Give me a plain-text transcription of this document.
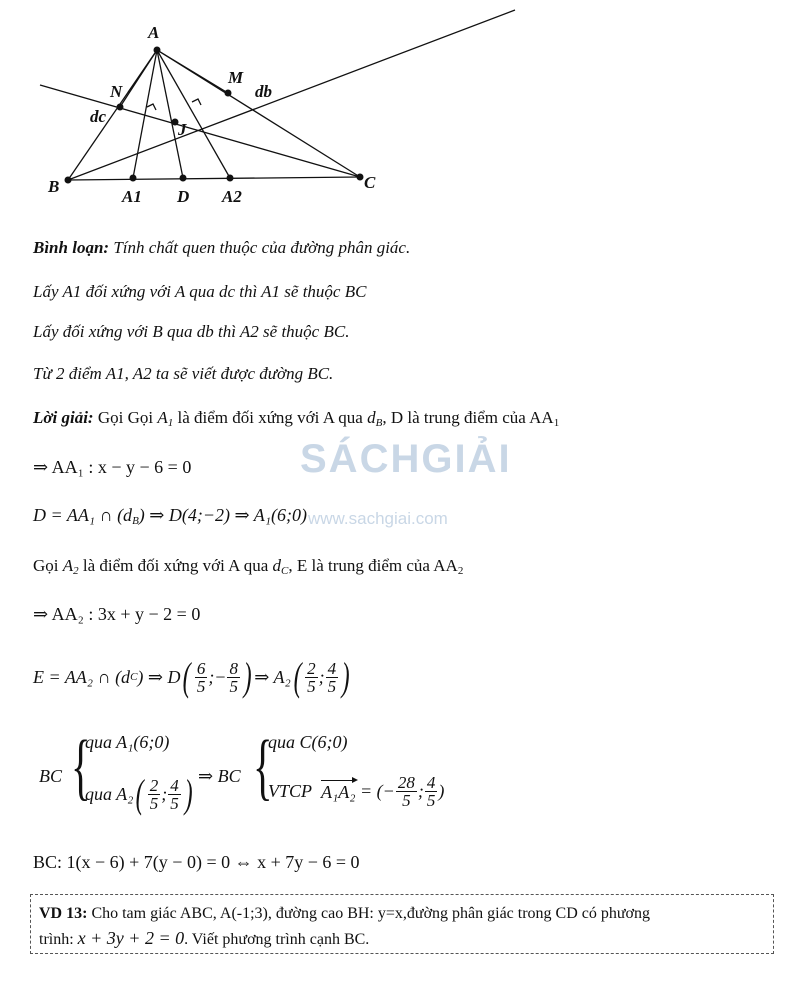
A
N
M
db
dc
J
B
A1 D A2
C
Bình loạn: Tính chất quen thuộc của đường phân giác.
Lấy A1 đối xứng với A qua dc thì A1 sẽ thuộc BC
Lấy đối xứng với B qua db thì A2 sẽ thuộc BC.
Từ 2 điểm A1, A2 ta sẽ viết được đường BC.
Lời giải: Gọi Gọi $A_1$ là điểm đối xứng với A qua $d_B$, D là trung điểm của $AA_1$
⇒ AA₁ : x − y − 6 = 0
D = AA₁ ∩ $(d_B)$ ⇒ D(4;−2) ⇒ A₁(6;0)
Gọi $A_2$ là điểm đối xứng với A qua $d_C$, E là trung điểm của $AA_2$
⇒ AA₂ : 3x + y − 2 = 0
E = AA₂ ∩ (d C ) ⇒ D ( $\frac{6}{5}$ ;− $\frac{8}{5}$ ) ⇒ A₂ ( $\frac{2}{5}$ ; $\frac{4}{5}$ )
BC {
qua A₁(6;0)
qua A₂ ( $\frac{2}{5}$ ; $\frac{4}{5}$ ) ⇒ BC {
qua C(6;0)
VTCP
A₁A₂
= (− $\frac{28}{5}$ ; $\frac{4}{5}$ )
BC: 1(x − 6) + 7(y − 0) = 0 ⇔ x + 7y − 6 = 0
SÁCHGIẢI
www.sachgiai.com
VD 13: Cho tam giác ABC, A(-1;3), đường cao BH: y=x,đường phân giác trong CD có phương
trình: x + 3y + 2 = 0. Viết phương trình cạnh BC.
